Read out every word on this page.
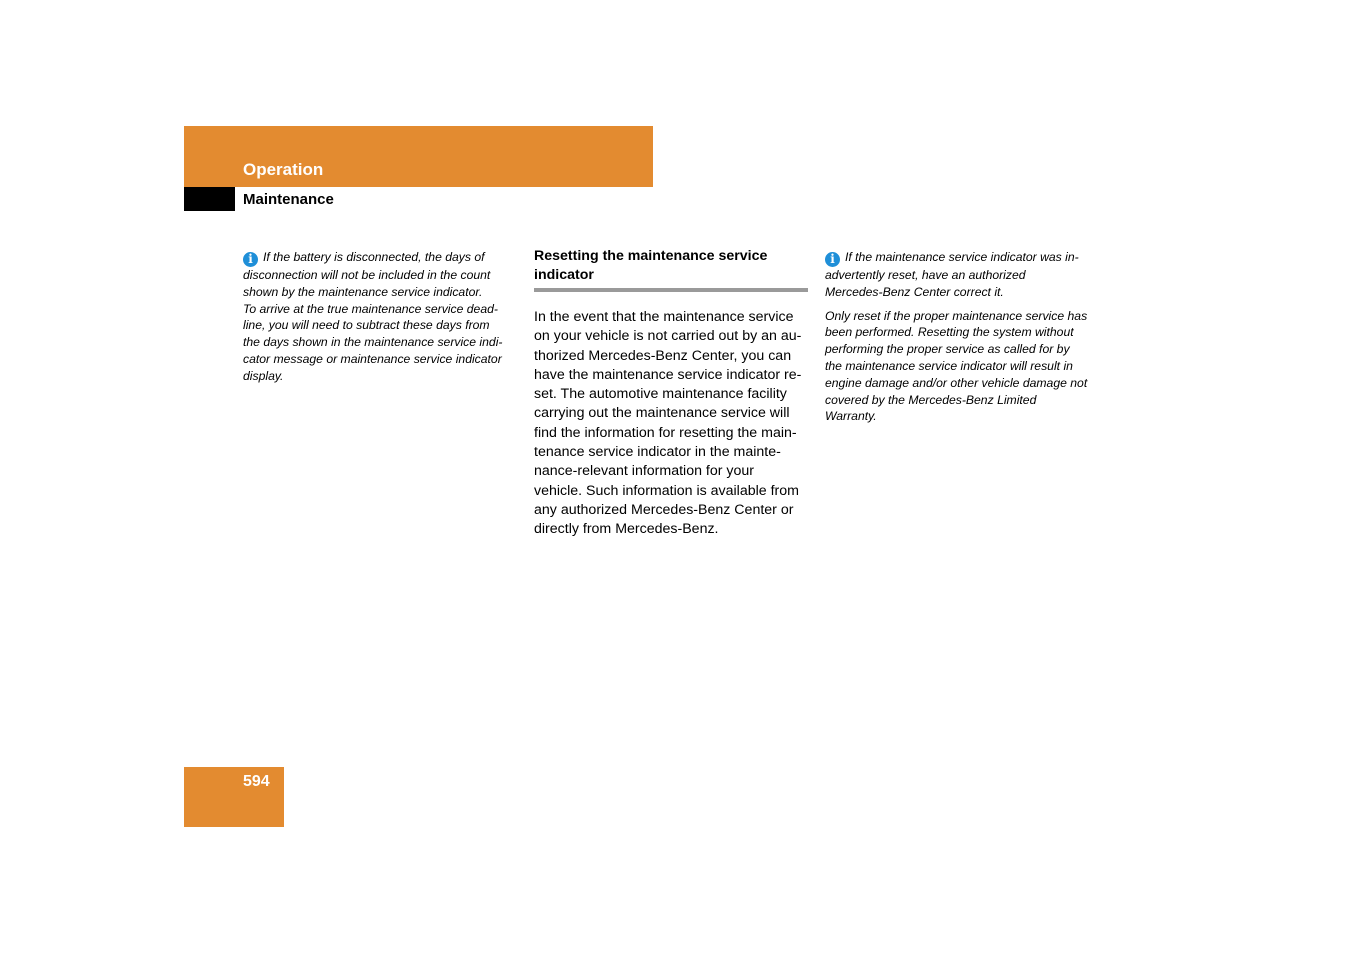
Operation
Maintenance

i If the battery is disconnected, the days of
disconnection will not be included in the count
shown by the maintenance service indicator.
To arrive at the true maintenance service dead-
line, you will need to subtract these days from
the days shown in the maintenance service indi-
cator message or maintenance service indicator
display.

Resetting the maintenance service
indicator

In the event that the maintenance service
on your vehicle is not carried out by an au-
thorized Mercedes-Benz Center, you can
have the maintenance service indicator re-
set. The automotive maintenance facility
carrying out the maintenance service will
find the information for resetting the main-
tenance service indicator in the mainte-
nance-relevant information for your
vehicle. Such information is available from
any authorized Mercedes-Benz Center or
directly from Mercedes-Benz.

i If the maintenance service indicator was in-
advertently reset, have an authorized
Mercedes-Benz Center correct it.

Only reset if the proper maintenance service has
been performed. Resetting the system without
performing the proper service as called for by
the maintenance service indicator will result in
engine damage and/or other vehicle damage not
covered by the Mercedes-Benz Limited
Warranty.

594
